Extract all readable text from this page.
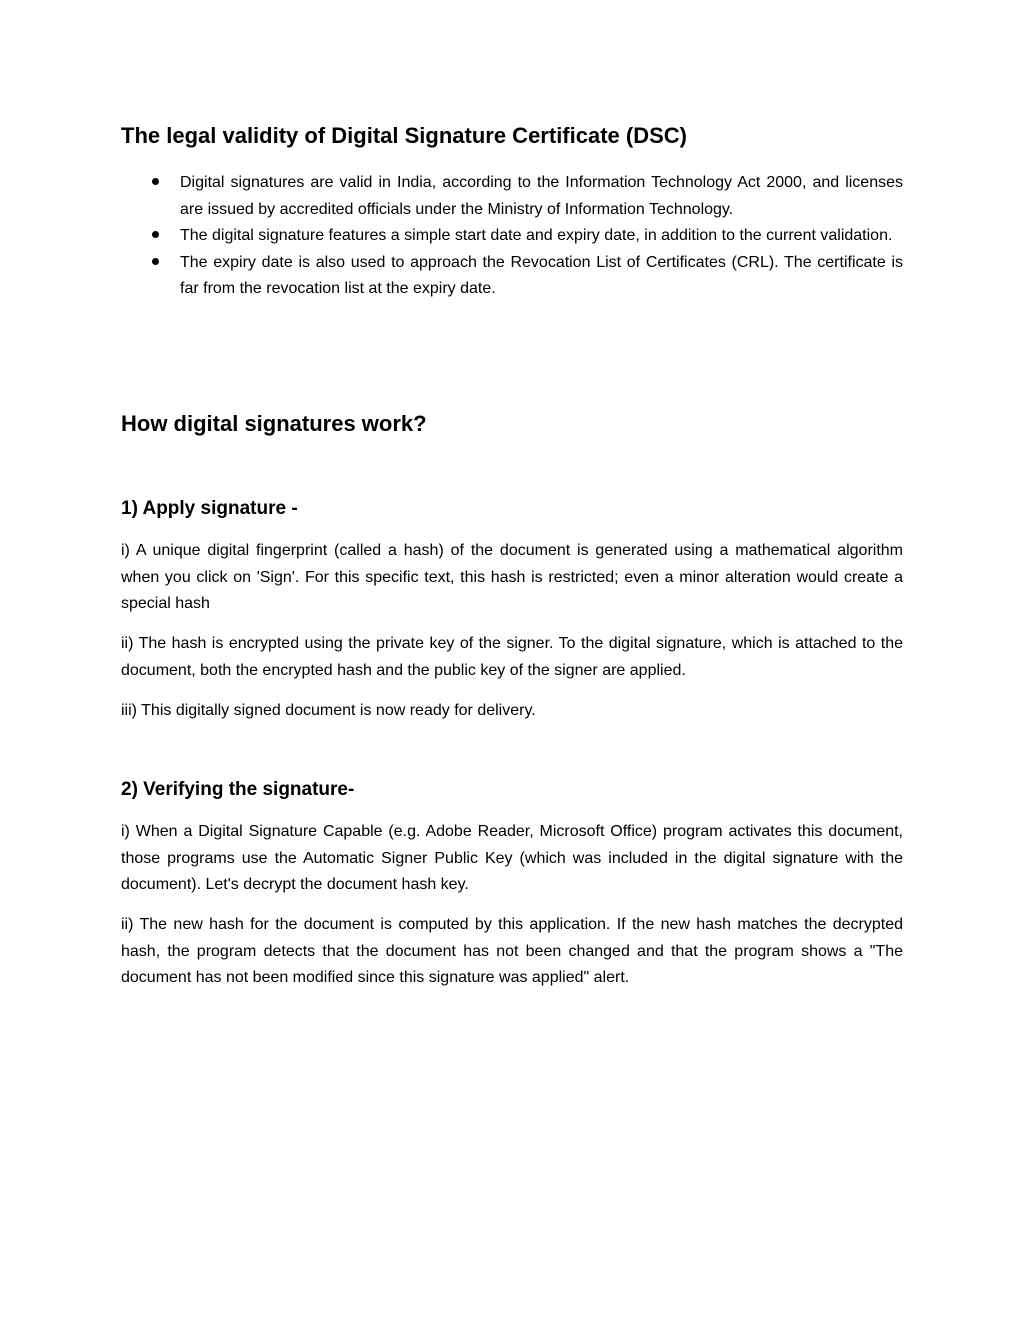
The legal validity of Digital Signature Certificate (DSC)
Digital signatures are valid in India, according to the Information Technology Act 2000, and licenses are issued by accredited officials under the Ministry of Information Technology.
The digital signature features a simple start date and expiry date, in addition to the current validation.
The expiry date is also used to approach the Revocation List of Certificates (CRL). The certificate is far from the revocation list at the expiry date.
How digital signatures work?
1) Apply signature -

i) A unique digital fingerprint (called a hash) of the document is generated using a mathematical algorithm when you click on 'Sign'. For this specific text, this hash is restricted; even a minor alteration would create a special hash

ii) The hash is encrypted using the private key of the signer. To the digital signature, which is attached to the document, both the encrypted hash and the public key of the signer are applied.

iii) This digitally signed document is now ready for delivery.

2) Verifying the signature-

i) When a Digital Signature Capable (e.g. Adobe Reader, Microsoft Office) program activates this document, those programs use the Automatic Signer Public Key (which was included in the digital signature with the document). Let's decrypt the document hash key.

ii) The new hash for the document is computed by this application. If the new hash matches the decrypted hash, the program detects that the document has not been changed and that the program shows a "The document has not been modified since this signature was applied" alert.
